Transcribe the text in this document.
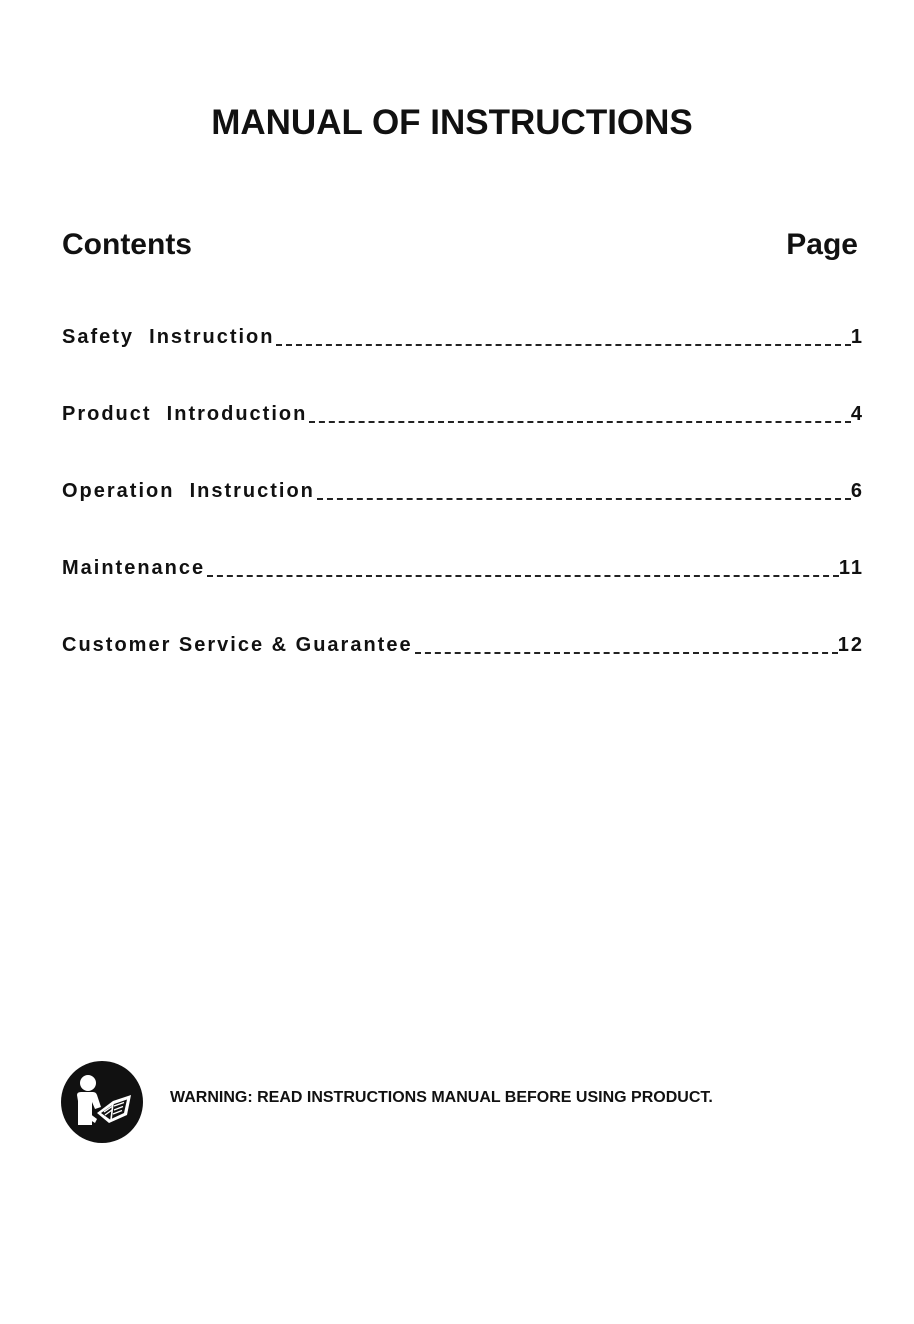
MANUAL OF INSTRUCTIONS
Contents	Page
Safety  Instruction	1
Product  Introduction	4
Operation  Instruction	6
Maintenance	11
Customer Service & Guarantee	12
WARNING: READ INSTRUCTIONS MANUAL BEFORE USING PRODUCT.
